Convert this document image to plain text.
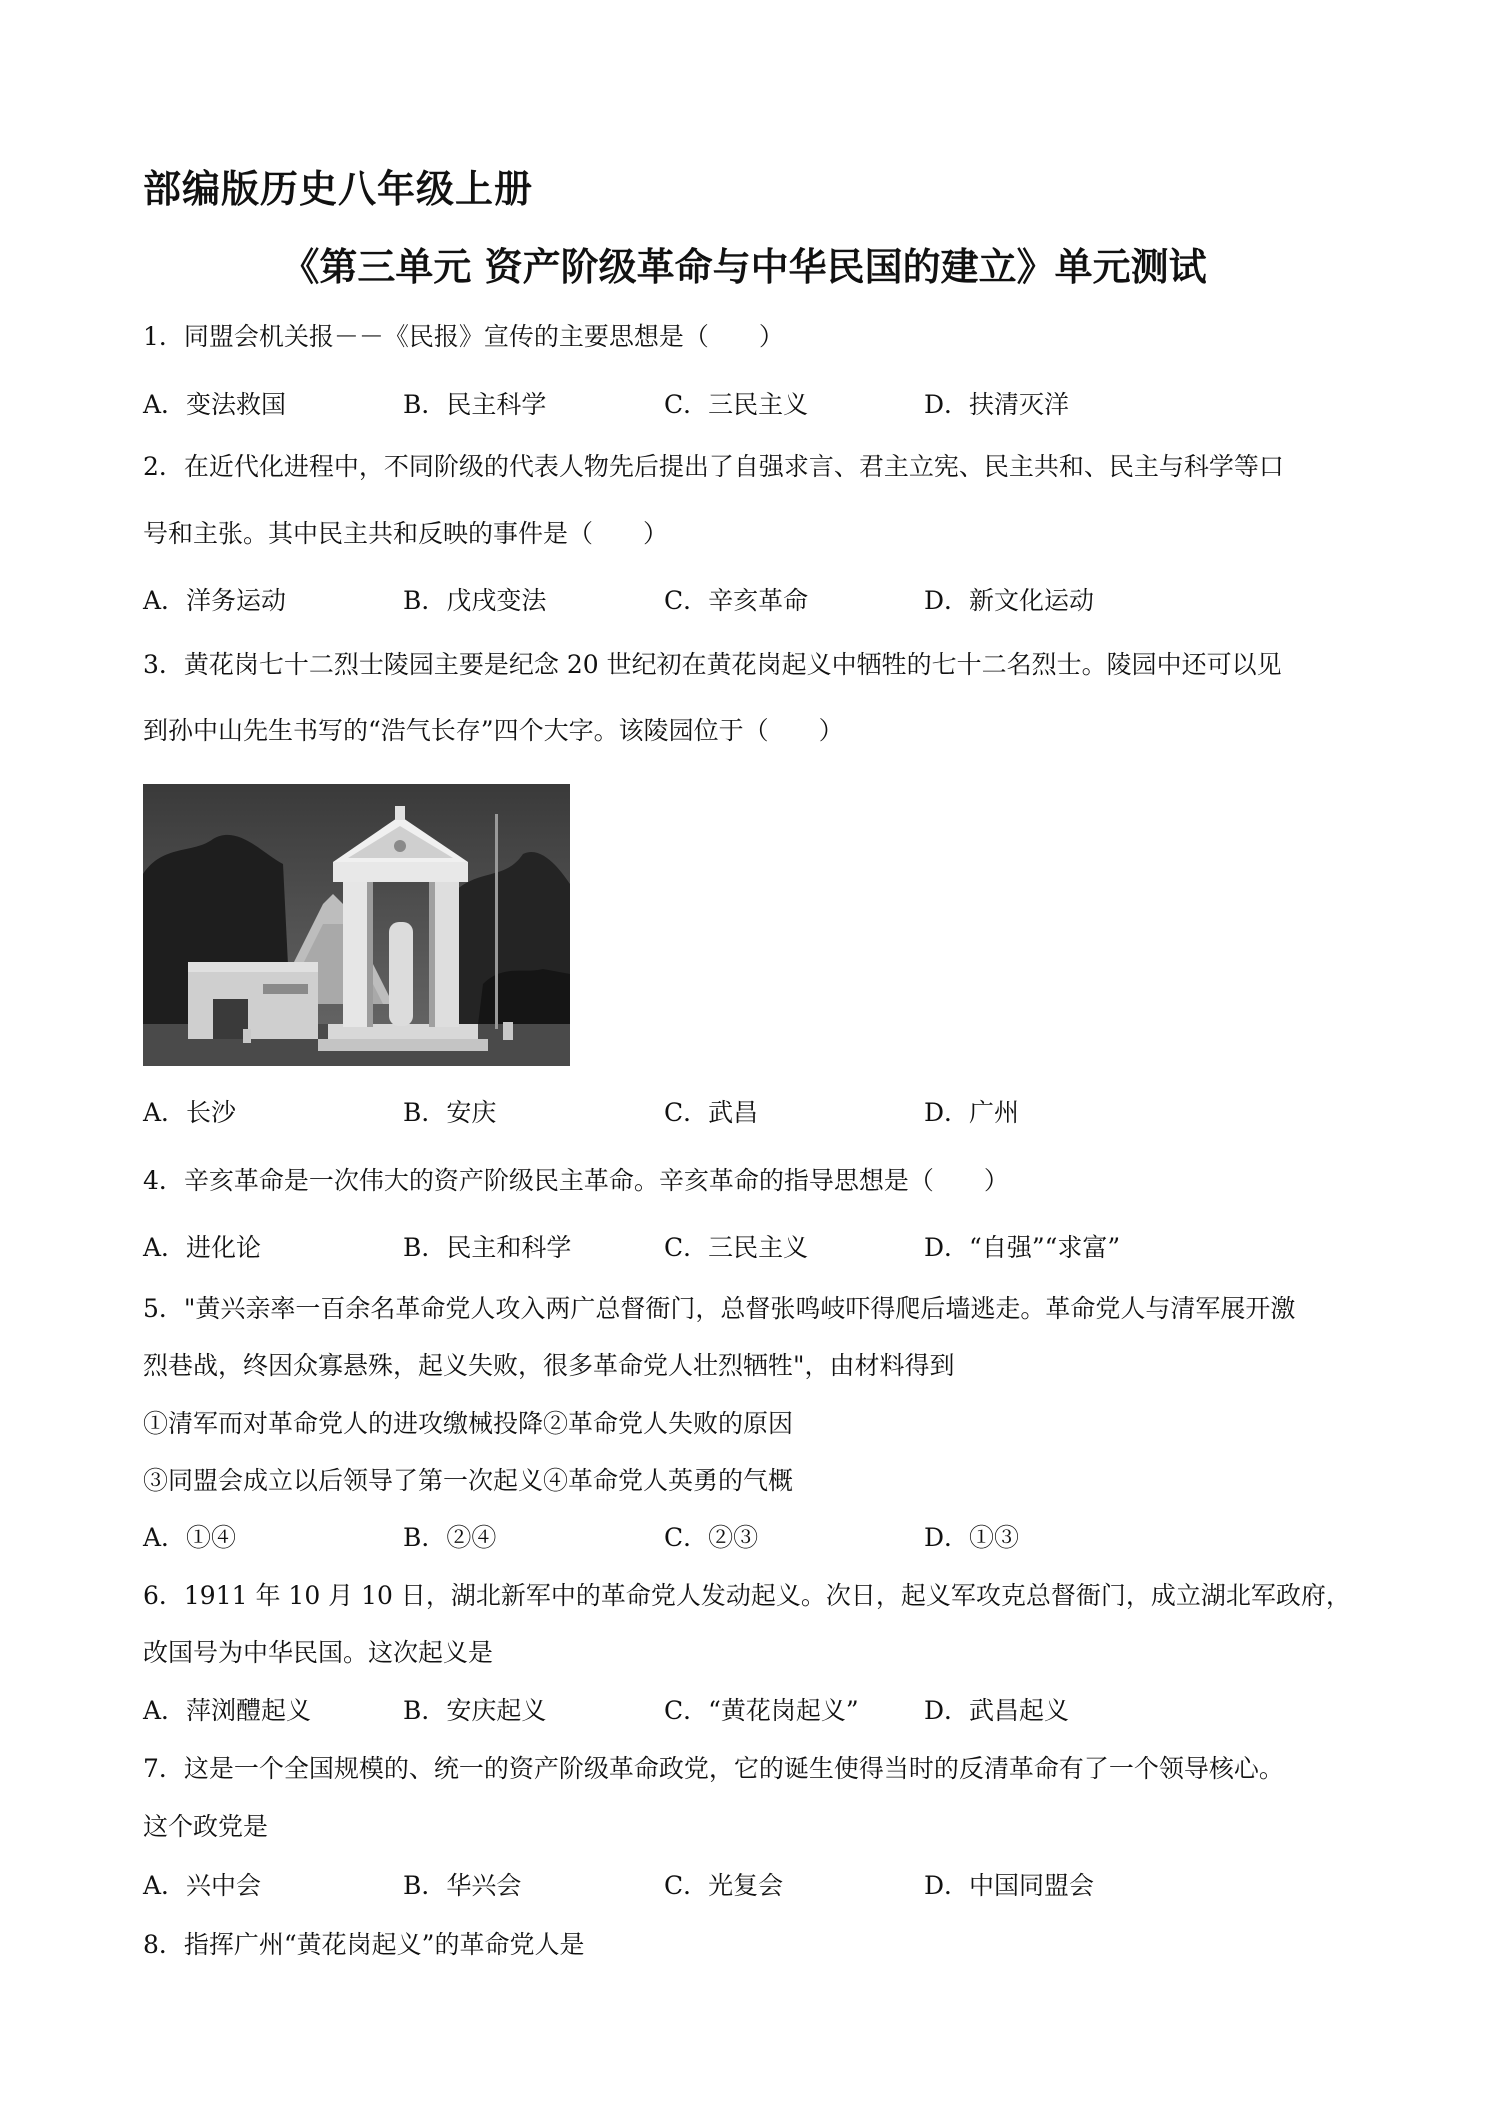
部编版历史八年级上册
《第三单元 资产阶级革命与中华民国的建立》单元测试
1．同盟会机关报－－《民报》宣传的主要思想是（　　）
A．变法救国	B．民主科学	C．三民主义	D．扶清灭洋
2．在近代化进程中，不同阶级的代表人物先后提出了自强求言、君主立宪、民主共和、民主与科学等口
号和主张。其中民主共和反映的事件是（　　）
A．洋务运动	B．戊戌变法	C．辛亥革命	D．新文化运动
3．黄花岗七十二烈士陵园主要是纪念 20 世纪初在黄花岗起义中牺牲的七十二名烈士。陵园中还可以见
到孙中山先生书写的“浩气长存”四个大字。该陵园位于（　　）
A．长沙	B．安庆	C．武昌	D．广州
4．辛亥革命是一次伟大的资产阶级民主革命。辛亥革命的指导思想是（　　）
A．进化论	B．民主和科学	C．三民主义	D．“自强”“求富”
5．"黄兴亲率一百余名革命党人攻入两广总督衙门，总督张鸣岐吓得爬后墙逃走。革命党人与清军展开激
烈巷战，终因众寡悬殊，起义失败，很多革命党人壮烈牺牲"，由材料得到
①清军而对革命党人的进攻缴械投降②革命党人失败的原因
③同盟会成立以后领导了第一次起义④革命党人英勇的气概
A．①④	B．②④	C．②③	D．①③
6．1911 年 10 月 10 日，湖北新军中的革命党人发动起义。次日，起义军攻克总督衙门，成立湖北军政府，
改国号为中华民国。这次起义是
A．萍浏醴起义	B．安庆起义	C．“黄花岗起义”	D．武昌起义
7．这是一个全国规模的、统一的资产阶级革命政党，它的诞生使得当时的反清革命有了一个领导核心。
这个政党是
A．兴中会	B．华兴会	C．光复会	D．中国同盟会
8．指挥广州“黄花岗起义”的革命党人是
